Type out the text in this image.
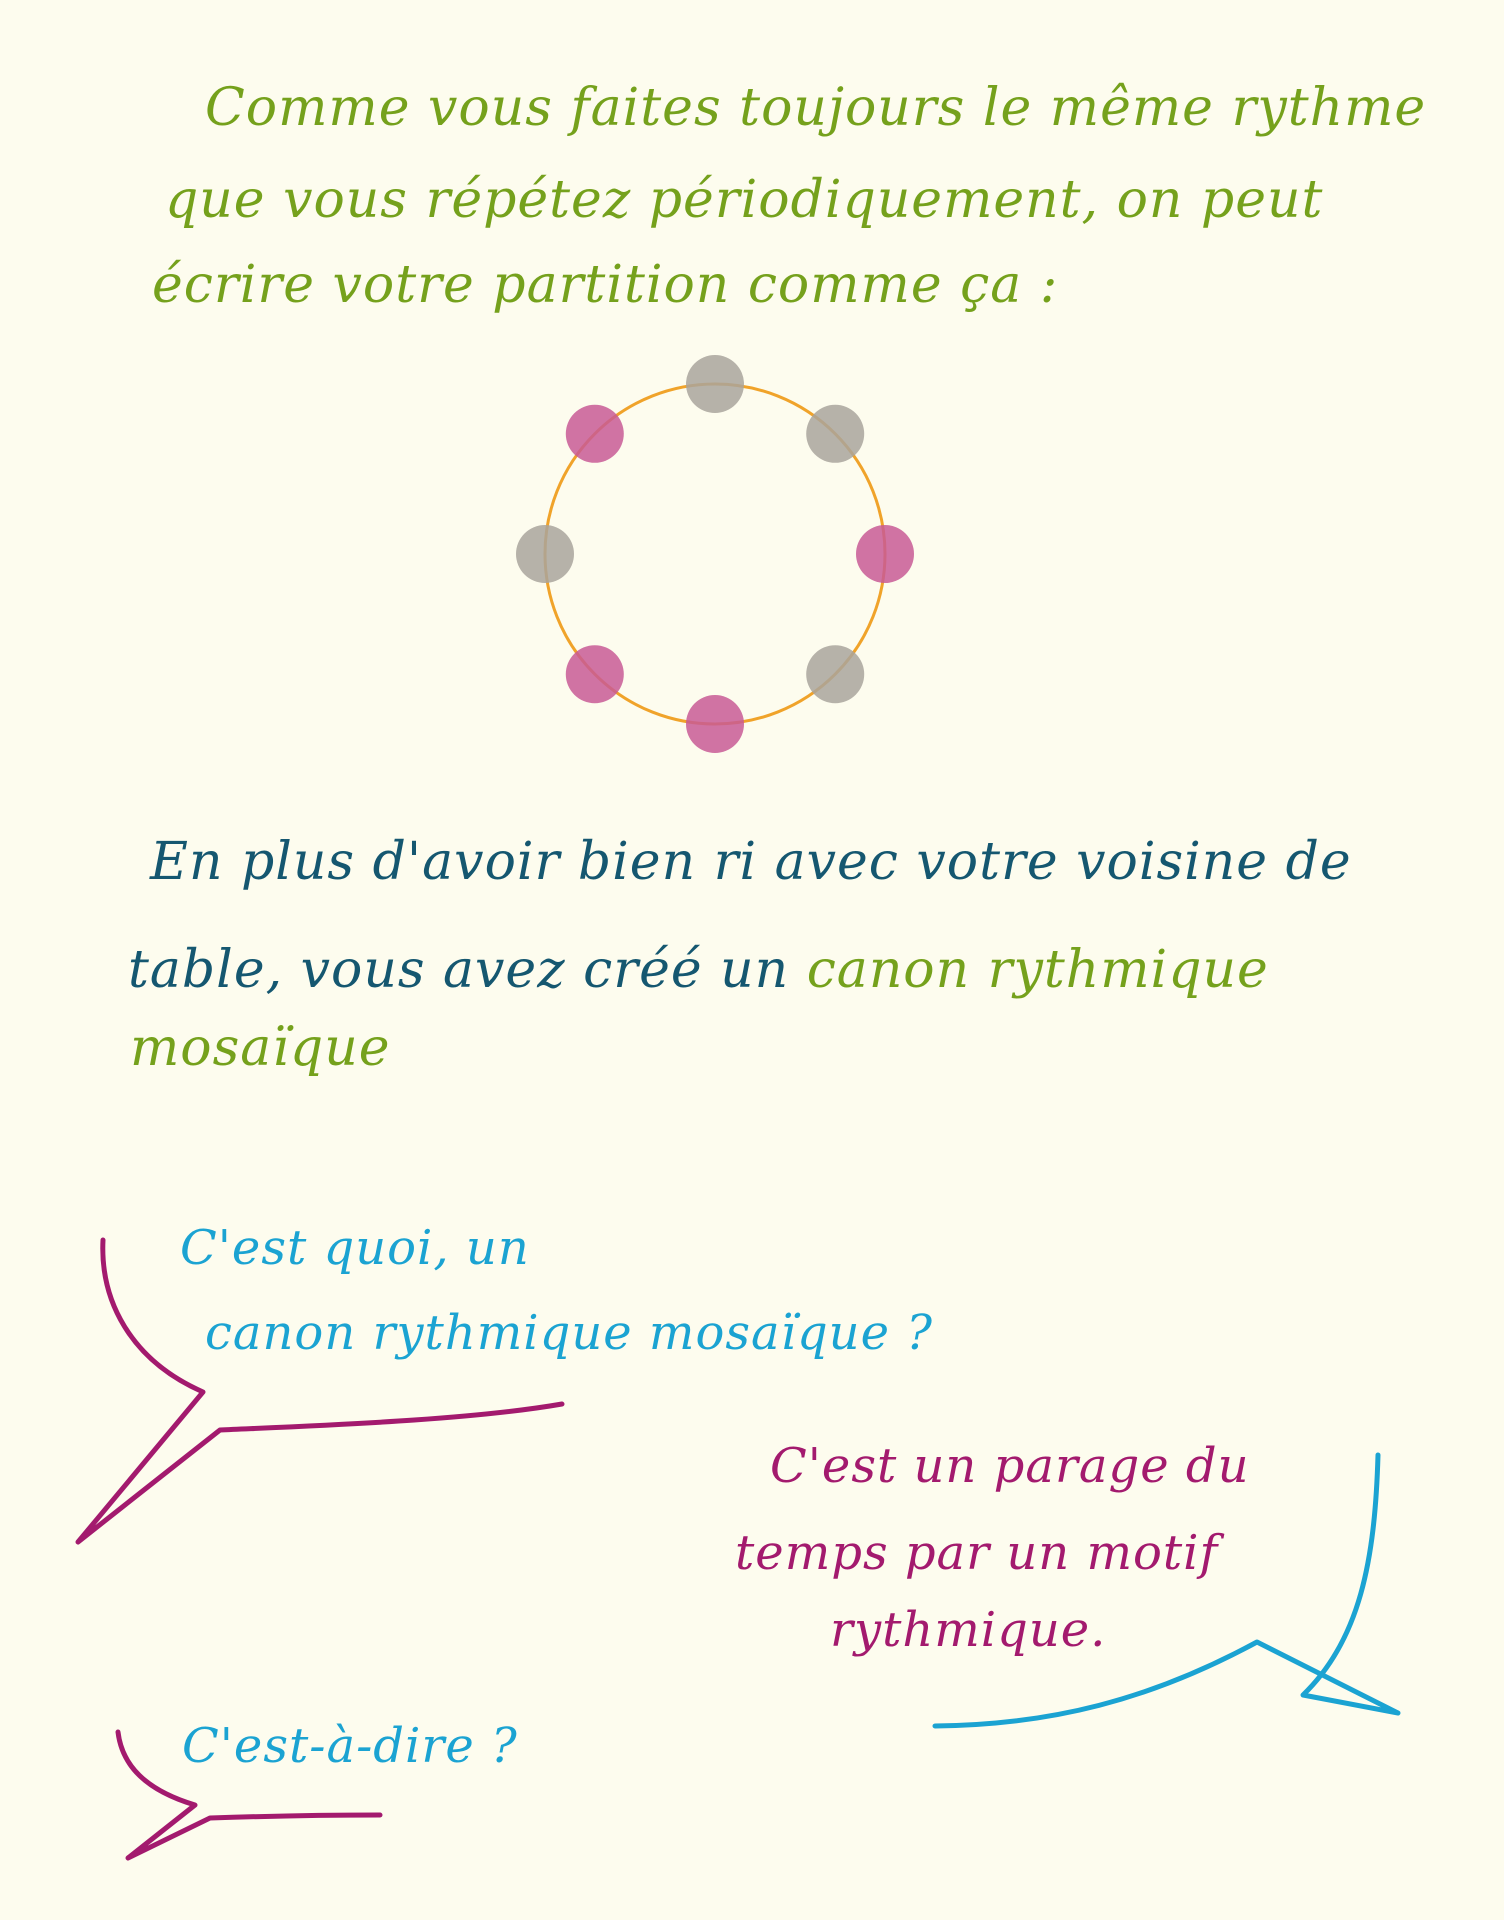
Comme vous faites toujours le même rythme
que vous répétez périodiquement, on peut
écrire votre partition comme ça :
En plus d'avoir bien ri avec votre voisine de
table, vous avez créé un canon rythmique
mosaïque
C'est quoi, un
canon rythmique mosaïque ?
C'est un parage du
temps par un motif
rythmique.
C'est-à-dire ?
